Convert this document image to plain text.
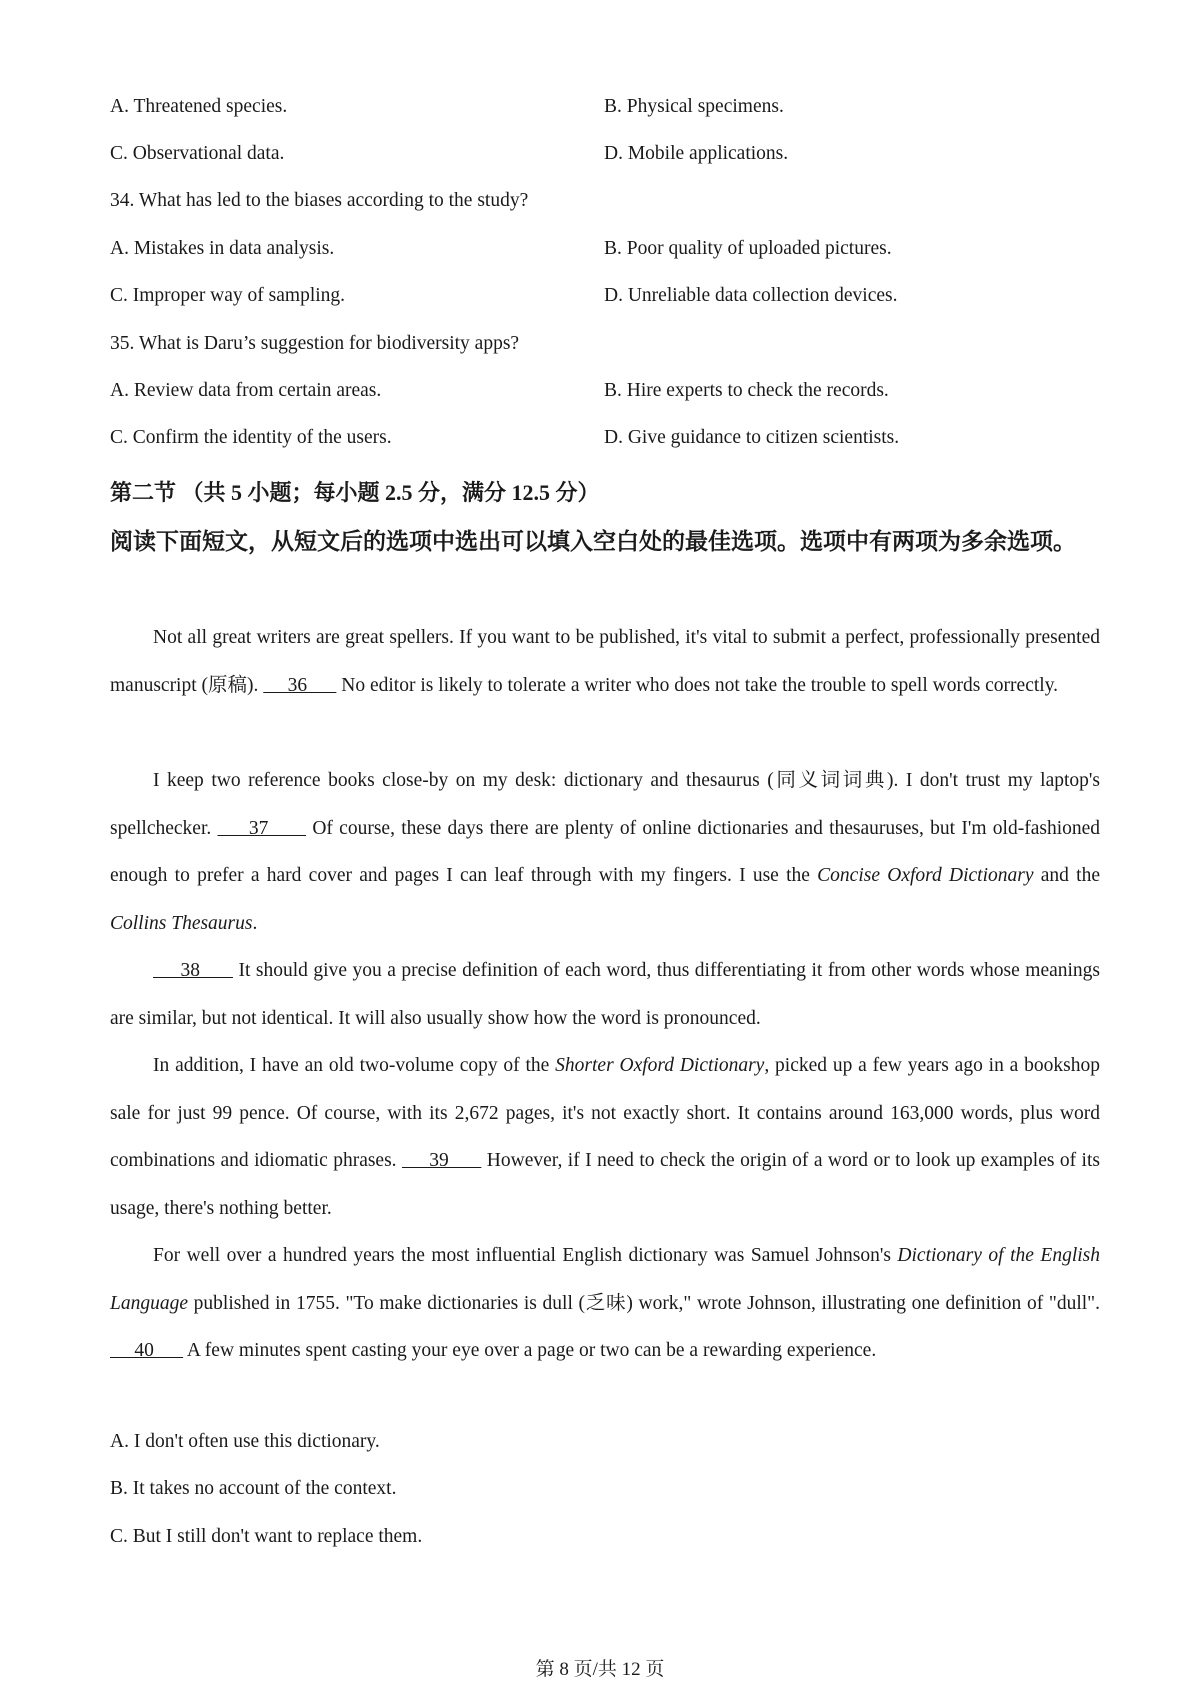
A. Threatened species.	B. Physical specimens.
C. Observational data.	D. Mobile applications.
34. What has led to the biases according to the study?
A. Mistakes in data analysis.	B. Poor quality of uploaded pictures.
C. Improper way of sampling.	D. Unreliable data collection devices.
35. What is Daru’s suggestion for biodiversity apps?
A. Review data from certain areas.	B. Hire experts to check the records.
C. Confirm the identity of the users.	D. Give guidance to citizen scientists.
第二节 （共 5 小题；每小题 2.5 分，满分 12.5 分）
阅读下面短文，从短文后的选项中选出可以填入空白处的最佳选项。选项中有两项为多余选项。
Not all great writers are great spellers. If you want to be published, it's vital to submit a perfect, professionally presented manuscript (原稿).      36       No editor is likely to tolerate a writer who does not take the trouble to spell words correctly.
I keep two reference books close-by on my desk: dictionary and thesaurus (同义词词典). I don't trust my laptop's spellchecker.      37       Of course, these days there are plenty of online dictionaries and thesauruses, but I'm old-fashioned enough to prefer a hard cover and pages I can leaf through with my fingers. I use the Concise Oxford Dictionary and the Collins Thesaurus.
38       It should give you a precise definition of each word, thus differentiating it from other words whose meanings are similar, but not identical. It will also usually show how the word is pronounced.
In addition, I have an old two-volume copy of the Shorter Oxford Dictionary, picked up a few years ago in a bookshop sale for just 99 pence. Of course, with its 2,672 pages, it's not exactly short. It contains around 163,000 words, plus word combinations and idiomatic phrases.      39       However, if I need to check the origin of a word or to look up examples of its usage, there's nothing better.
For well over a hundred years the most influential English dictionary was Samuel Johnson's Dictionary of the English Language published in 1755. "To make dictionaries is dull (乏味) work," wrote Johnson, illustrating one definition of "dull".      40       A few minutes spent casting your eye over a page or two can be a rewarding experience.
A. I don't often use this dictionary.
B. It takes no account of the context.
C. But I still don't want to replace them.
第 8 页/共 12 页
